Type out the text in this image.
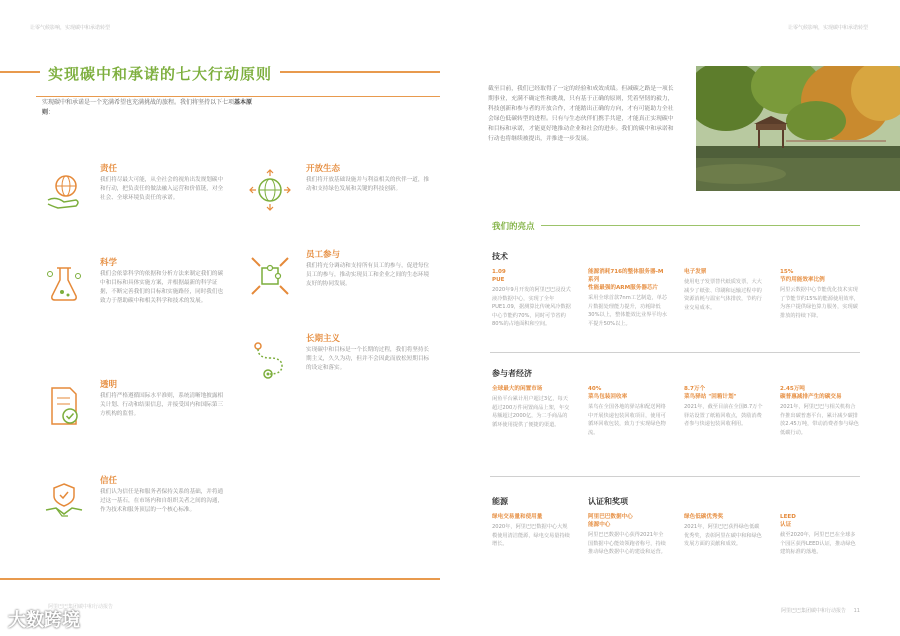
让零气候影响，实现碳中和承诺转型	让零气候影响，实现碳中和承诺转型
实现碳中和承诺的七大行动原则
实现碳中和承诺是一个充满希望也充满挑战的旅程。我们将坚持以下七项基本原则：
责任
我们将尽最大可能，从全社会的视角出发规划碳中和行动，把负责任的做法融入运营和价值链，对全社会、全球环境负责任的承诺。
科学
我们会依靠科学的依据和分析方法来制定我们的碳中和目标和具体实施方案，并根据最新的科学证据，不断完善我们的目标和实施路径，同时我们也致力于帮助碳中和相关科学和技术的发展。
透明
我们将严格遵循国际水平准则，系统清晰地披露相关计划、行动和结果信息，并接受国内和国际第三方机构的监督。
信任
我们认为信任是和服务者保持关系的基础，并将通过这一基石，在市场内和自组织关者之间的沟通，作为技术和服务顶层的一个核心标准。
开放生态
我们将开放基础设施并与利益相关的伙伴一道，推动和支持绿色发展和关键的科技创新。
员工参与
我们将充分调动和支持所有员工的参与，促进每位员工的参与，推动实现员工和企业之间的生态环境友好的协同发展。
长期主义
实现碳中和目标是一个长期的过程，我们将坚持长期主义，久久为功，但并不会因此而放松短期目标的设定和落实。
阿里巴巴集团碳中和行动报告
大数跨境
截至目前，我们已经取得了一定的经验和成效成绩。但减碳之路是一项长期事业，充满不确定性和挑战，只有基于正确的原则，凭着坚韧的毅力，科技创新和参与者的开放合作，才能踏出正确的方向，才有可能助力全社会绿色低碳转型的进程。只有与生态伙伴们携手共建，才能真正实现碳中和目标和承诺，才能更好地推动企业和社会的进步。我们的碳中和承诺和行动也将继续被提出，并推进一步发展。
我们的亮点
技术
1.09
PUE
2020年9月开发的阿里巴巴浸没式液冷数据中心，实现了全年PUE1.09，据测算比传统风冷数据中心节能约70%，同时可节省约80%的占地面积和空间。
能源消耗716的整体服务器-M系列
性能最强的ARM服务器芯片
采用全球首款7nm工艺制造，单芯片数据处理能力提升，功耗降低30%以上，整体能效比业界平均水平提升50%以上。
电子发票
使用电子发票替代纸质发票，大大减少了纸张、印刷和运输过程中的资源消耗与温室气体排放，节约行业交易成本。
15%
节约用能效率比例
阿里云数据中心节能优化技术实现了节能节约15%的能源使用效率，为客户提供绿色算力服务，实现碳排放的持续下降。
参与者经济
全球最大的闲置市场
闲鱼平台累计用户超过3亿，每天超过200万件闲置商品上架，年交易额超过2000亿，为二手商品的循环使用提供了便捷的渠道。
40%
菜鸟包装回收率
菜鸟在全国各地的驿站和配送网络中开展快递包装回收项目，使用可循环回收包装，致力于实现绿色物流。
8.7万个
菜鸟驿站 "回箱计划"
2021年，截至目前在全国8.7万个驿站设置了纸箱回收点，鼓励消费者参与快递包装回收利用。
2.45万吨
碳普惠减排产生的碳交易
2021年，阿里巴巴与相关机构合作推出碳普惠平台，累计减少碳排放2.45万吨，带动消费者参与绿色低碳行动。
能源
绿电交易量和使用量
2020年，阿里巴巴数据中心大规模使用清洁能源，绿电交易量持续增长。
认证和奖项
阿里巴巴数据中心
能源中心
阿里巴巴数据中心获得2021年全国数据中心能效领跑者称号，持续推动绿色数据中心的建设和运营。
绿色低碳优秀奖
2021年，阿里巴巴获得绿色低碳优秀奖，表彰阿里在碳中和和绿色发展方面的贡献和成效。
LEED
认证
截至2020年，阿里巴巴在全球多个园区获得LEED认证，推动绿色建筑标准的落地。
阿里巴巴集团碳中和行动报告 11
